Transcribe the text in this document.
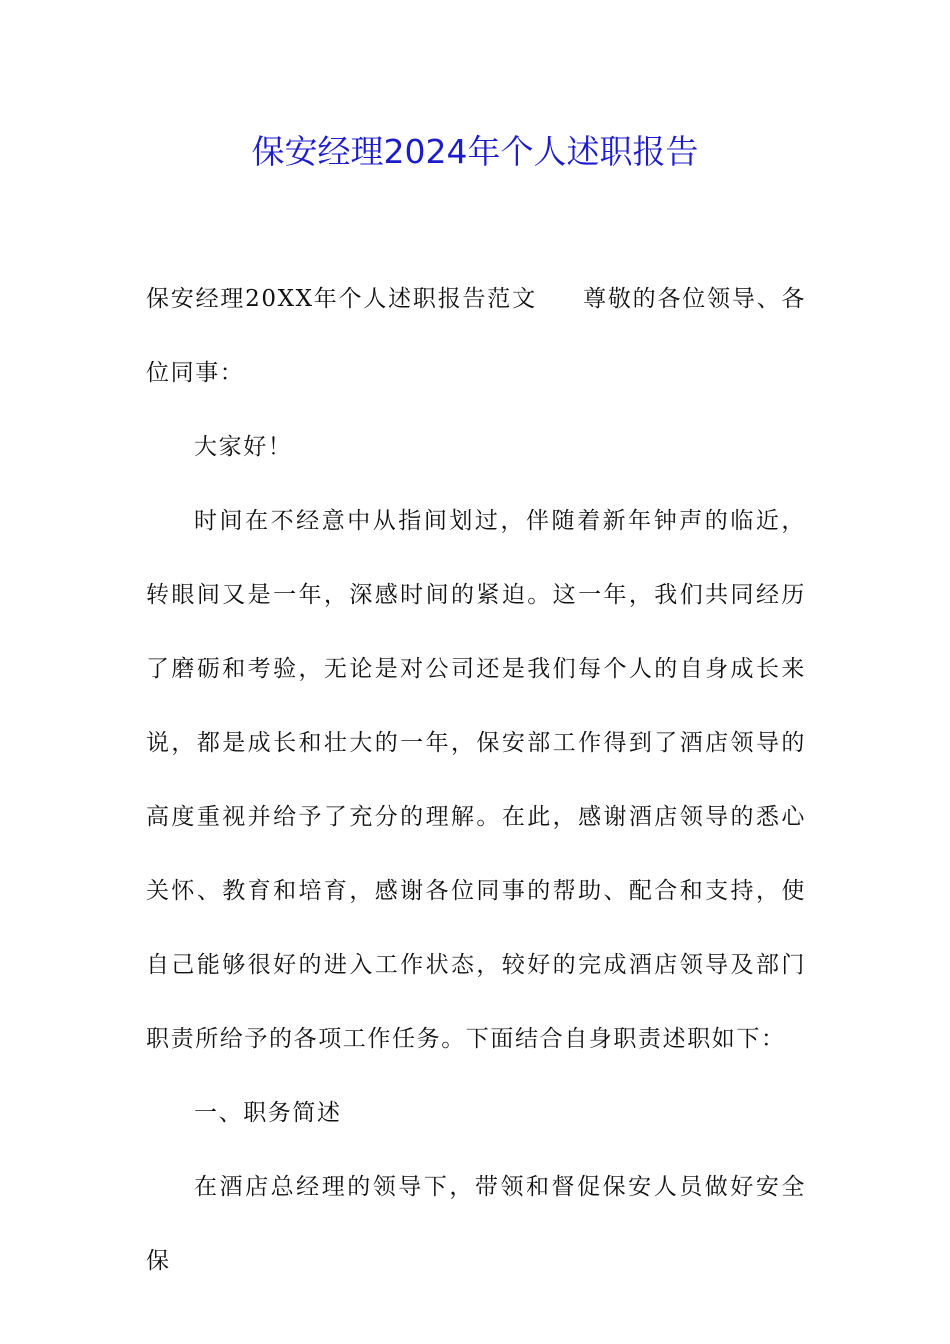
保安经理2024年个人述职报告

保安经理20XX年个人述职报告范文 尊敬的各位领导、各位同事：

大家好！

时间在不经意中从指间划过，伴随着新年钟声的临近，转眼间又是一年，深感时间的紧迫。这一年，我们共同经历了磨砺和考验，无论是对公司还是我们每个人的自身成长来说，都是成长和壮大的一年，保安部工作得到了酒店领导的高度重视并给予了充分的理解。在此，感谢酒店领导的悉心关怀、教育和培育，感谢各位同事的帮助、配合和支持，使自己能够很好的进入工作状态，较好的完成酒店领导及部门职责所给予的各项工作任务。下面结合自身职责述职如下：

一、职务简述

在酒店总经理的领导下，带领和督促保安人员做好安全保
